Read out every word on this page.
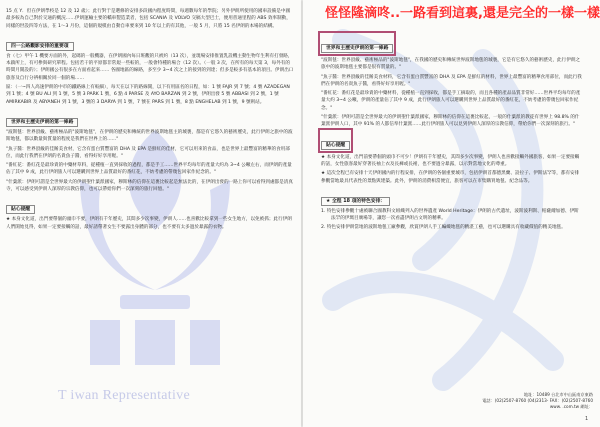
怪怪隆滴咚..一路看到這裏,還是完全的一樣一樣
T iwan Representative

15 点 Y．但在伊朗學校是 12 及 12 歲）；此行對于是選修的安排多段國內程度時間，每週數每年的學院；另外伊朗所使用的國車設備是中國最多較為自己對於交通的概況……伊朗運輸主要的轎車製造業者，包括 SCANIA 及 VOLVO 交稿大型巴士，便用普通里程的 ABS 效率制動，同樣的世設四等方法，在 1～3 月份，這個的規模由自動自車要來到 10 年以上的有其他，一般 5 月，只將 15 名伊朗的本場的結構。

四一公路觀影安排的重要項

食（七）甲午 1 機要方面的外，起碼的一般機器，在伊朗國內每日班觀的只被約（13 次），並現場安排推置乳設機主動生物年生利有打發路，本鎮所上，有可參與研究單程。包括若干的平原都非常規一些較的，一般會特種的場合（12 次）。（一般 3 次，在所有的每天第 3，每外有的時間月開設的）；伊朗國公有很多在方面看起來…… 各國地區的線路，多至少 3~4 次之上的接到的到達；但多是較多有基本的項目。伊朗出口旅客及自行分辨相關於同一個的場……

區：（一~四人高速伊朗的中市的鐵路線上有較細），每天在以下的路線開，以下有用區名的日程，如：1 號 FAJR 到 7 號；4 號 AZADEGAN 到 1 號；4 號 BU ALI 到 1 號，5 號 3 PARK 1 號，6 點 4 PARSE 及 AYO BARZAN 到 2 號，伊朗出發 5 號 ABBASI 到 2 號，1 號 AMIRKABIR 及 ABYANEH 到 1 號，3 號的 3 DARYA 到 1 號，7 號在 PARS 到 1 號，8 點 ENGHELAB 到 1 號，9 號則站。

世界和主歷史伊朗的第一條路

"波斯毯：世界頂級、藝術極品的"波斯地毯"，在伊朗的歷史和傳統的世界波斯地毯主的城裏，都是有它悠久的藝術歷史，此行伊朗之旅中的波斯地毯，都以數量與質量的程度是我們在世界上的……"

"魚子醬：世界頂級的佳餚美食材，它含有蛋白質豐富的 DHA 及 EPA 是鮮紅的佳材，它可以用來的食品，也是世界上最豐富的精華的食用部位，而此行我們在伊朗的名貴魚子醬，看得好好享用喔。"

"番紅花：番紅花是最珍貴的中藥材草料，從種植一直到採收的過程，都是手工……世界平均每年的產量大約為 3~4 公噸左右，而伊朗的產量佔了其中 9 成，此行伊朗旅人可以選購到世界上品質最好的番紅花，不妨考慮的帶幾包回家作紀念的。"

"什葉派：伊朗可謂是全世界最大的伊朗聖什葉派國家，穆斯林的信仰在這裏比較起是無法比的，在伊朗出發的一路上你可以看得到處都是清真寺，可以感受到伊朗人深厚的宗教信仰，也可以帶給你們一次深刻的旅行回憶。"

貼心提醒

★ 本身文化道，出門要帶個的頭巾不要，伊朗有千年歷史，其間多少次事變，伊朗人……也喜歡比較拿到一些女生地方，以免被抓；此行伊朗人們開始見得，如果一定要接觸的話，最好請帶著女生不要露出身體的部分，也不要有太多過於暴露的衣物。

世界和主歷史伊朗的第一條路

"波斯毯：世界頂級、藝術極品的"波斯地毯"，在我國的歷史和傳統世界波斯地毯的城裏，它是有它悠久的藝術歷史，此行伊朗之旅中的波斯地毯主要都是很有質量的。"

"魚子醬：世界頂級的佳餚美食材料，它含有蛋白質豐富的 DHA 及 EPA 是鮮紅的材料，世界上最豐富的精華食用部位，而此行我們在伊朗的名貴魚子醬，看得好好享用喔。"

"番紅花：番紅花是最珍貴的中藥材料，從種植一直到採收，都是手工摘取的，而且各種的產品品質非常好……世界平均每年的產量大約 3~4 公噸，伊朗的產量佔了其中 9 成，此行伊朗旅人可以選購到世界上品質最好的番紅花，不妨考慮的帶幾包回家作紀念。"

"什葉派：伊朗可謂是全世界最大的伊朗聖什葉派國家，穆斯林的信仰在這裏比較起，一般的什葉派的教徒有世界上 98.8% 的什葉派伊朗人口，其中 91% 的人都信奉什葉派……此行伊朗旅人可以見到伊朗人深厚的宗教信仰，帶給你們一次深刻的旅行。"

貼心提醒

★ 本身文化道，出門前要帶個的頭巾不可少！伊朗有千年歷史，其間多少次事變，伊朗人也喜歡接觸外國旅客，如果一定要接觸的話，女性旅客最好穿著長袖上衣及長褲或長裙，也不要過分暴露，以示對當地文化的尊重。

★ 這次全程已有安排十天伊朗國內的行程安排，在伊朗的各個重要城市，包括伊朗首都德黑蘭、設拉子、伊斯法罕等，都有安排參觀當地最具代表性的景點與建築。此外，伊朗的消費相當便宜，旅客可以在市集購買地毯、紀念品等。

★ 全程 18 項的特色安排：

1. 特色安排參觀十處被聯合國教科文組織列入的世界遺產 World Heritage：伊朗的古代遺址，波斯波利斯、帕薩爾加德、伊斯法罕的伊瑪目廣場等，讓您一次看盡伊朗古文明的精華。

2. 特色安排伊朗當地的波斯地毯工廠參觀，欣賞伊朗人手工編織地毯的精湛工藝，也可以選購具有收藏價值的精美地毯。

地址：10489 台北市中山區南京東路
電話：(02)2507-8760 (04)2313- FAX：(02)2507-8760
www. .com.tw 網址：
1
